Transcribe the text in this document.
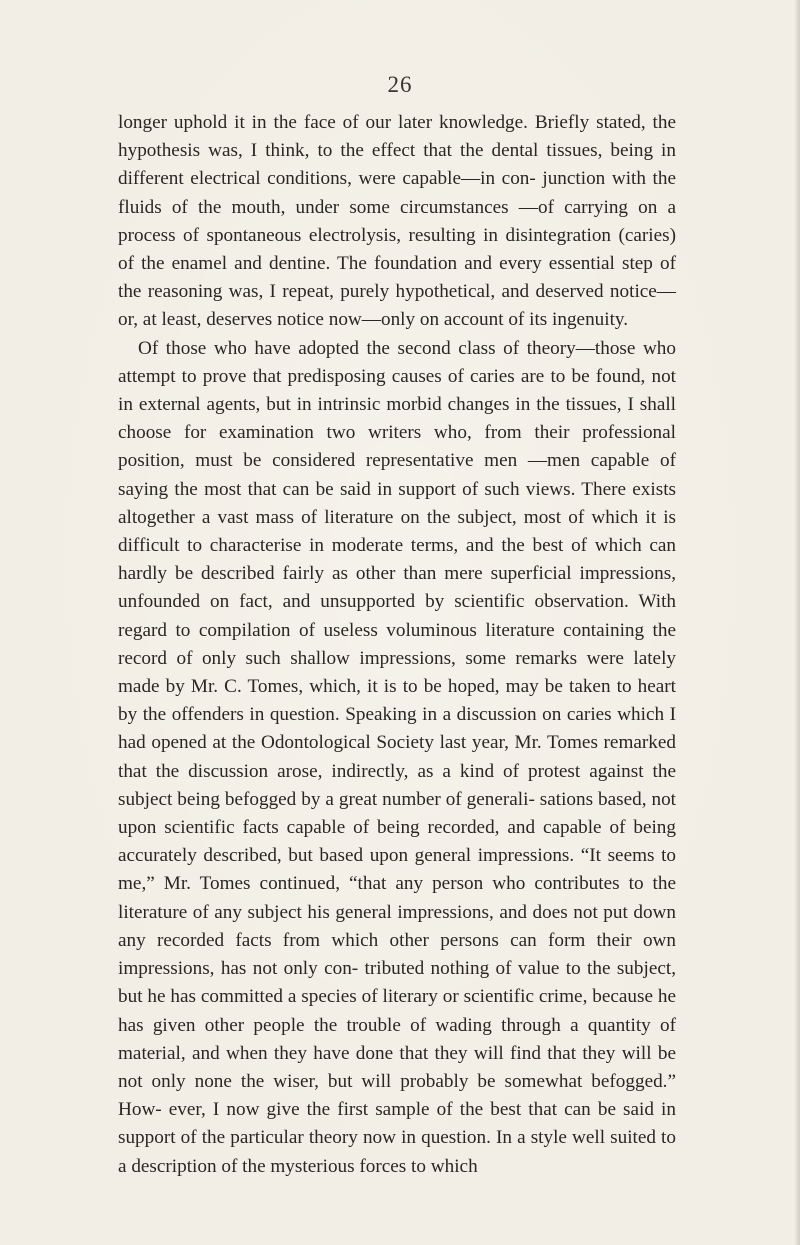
26

longer uphold it in the face of our later knowledge. Briefly stated, the hypothesis was, I think, to the effect that the dental tissues, being in different electrical conditions, were capable—in con- junction with the fluids of the mouth, under some circumstances —of carrying on a process of spontaneous electrolysis, resulting in disintegration (caries) of the enamel and dentine. The foundation and every essential step of the reasoning was, I repeat, purely hypothetical, and deserved notice—or, at least, deserves notice now—only on account of its ingenuity.

Of those who have adopted the second class of theory—those who attempt to prove that predisposing causes of caries are to be found, not in external agents, but in intrinsic morbid changes in the tissues, I shall choose for examination two writers who, from their professional position, must be considered representative men —men capable of saying the most that can be said in support of such views. There exists altogether a vast mass of literature on the subject, most of which it is difficult to characterise in moderate terms, and the best of which can hardly be described fairly as other than mere superficial impressions, unfounded on fact, and unsupported by scientific observation. With regard to compilation of useless voluminous literature containing the record of only such shallow impressions, some remarks were lately made by Mr. C. Tomes, which, it is to be hoped, may be taken to heart by the offenders in question. Speaking in a discussion on caries which I had opened at the Odontological Society last year, Mr. Tomes remarked that the discussion arose, indirectly, as a kind of protest against the subject being befogged by a great number of generali- sations based, not upon scientific facts capable of being recorded, and capable of being accurately described, but based upon general impressions. “It seems to me,” Mr. Tomes continued, “that any person who contributes to the literature of any subject his general impressions, and does not put down any recorded facts from which other persons can form their own impressions, has not only con- tributed nothing of value to the subject, but he has committed a species of literary or scientific crime, because he has given other people the trouble of wading through a quantity of material, and when they have done that they will find that they will be not only none the wiser, but will probably be somewhat befogged.” How- ever, I now give the first sample of the best that can be said in support of the particular theory now in question. In a style well suited to a description of the mysterious forces to which
